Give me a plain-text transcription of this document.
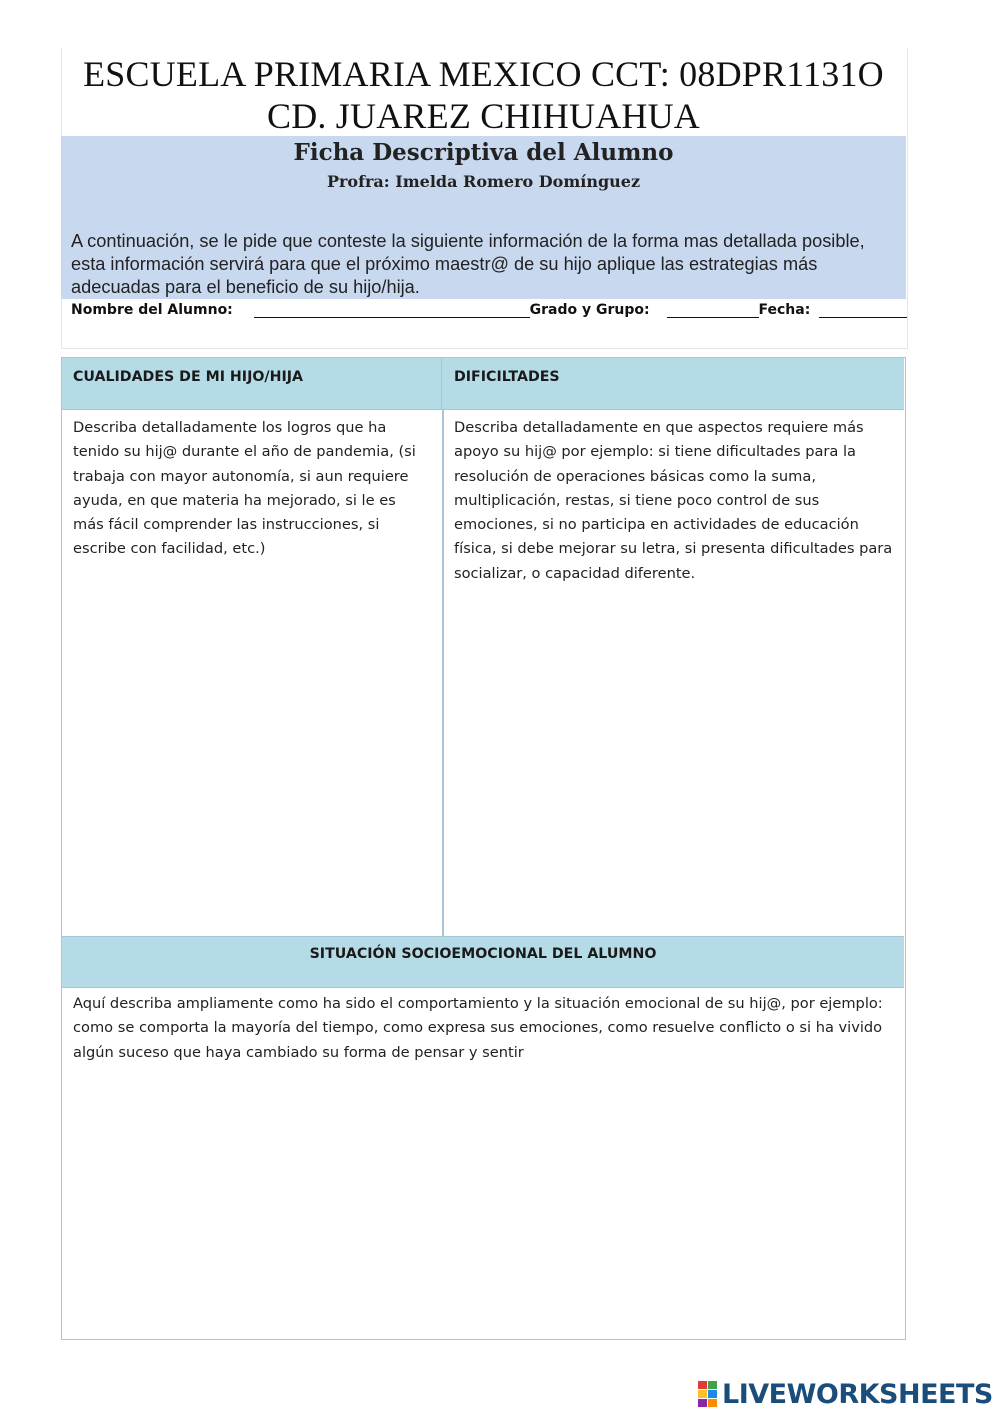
ESCUELA PRIMARIA MEXICO CCT: 08DPR1131O
CD. JUAREZ CHIHUAHUA
Ficha Descriptiva del Alumno
Profra: Imelda Romero Domínguez
A continuación, se le pide que conteste la siguiente información de la forma mas detallada posible, esta información servirá para que el próximo maestr@ de su hijo aplique las estrategias más adecuadas para el beneficio de su hijo/hija.
Nombre del Alumno:	Grado y Grupo:	Fecha:
CUALIDADES DE MI HIJO/HIJA	DIFICILTADES
Describa detalladamente los logros que ha tenido su hij@ durante el año de pandemia, (si trabaja con mayor autonomía, si aun requiere ayuda, en que materia ha mejorado, si le es más fácil comprender las instrucciones, si escribe con facilidad, etc.)
Describa detalladamente en que aspectos requiere más apoyo su hij@ por ejemplo: si tiene dificultades para la resolución de operaciones básicas como la suma, multiplicación, restas, si tiene poco control de sus emociones, si no participa en actividades de educación física, si debe mejorar su letra, si presenta dificultades para socializar, o capacidad diferente.
SITUACIÓN SOCIOEMOCIONAL DEL ALUMNO
Aquí describa ampliamente como ha sido el comportamiento y la situación emocional de su hij@, por ejemplo: como se comporta la mayoría del tiempo, como expresa sus emociones, como resuelve conflicto o si ha vivido algún suceso que haya cambiado su forma de pensar y sentir
LIVEWORKSHEETS
